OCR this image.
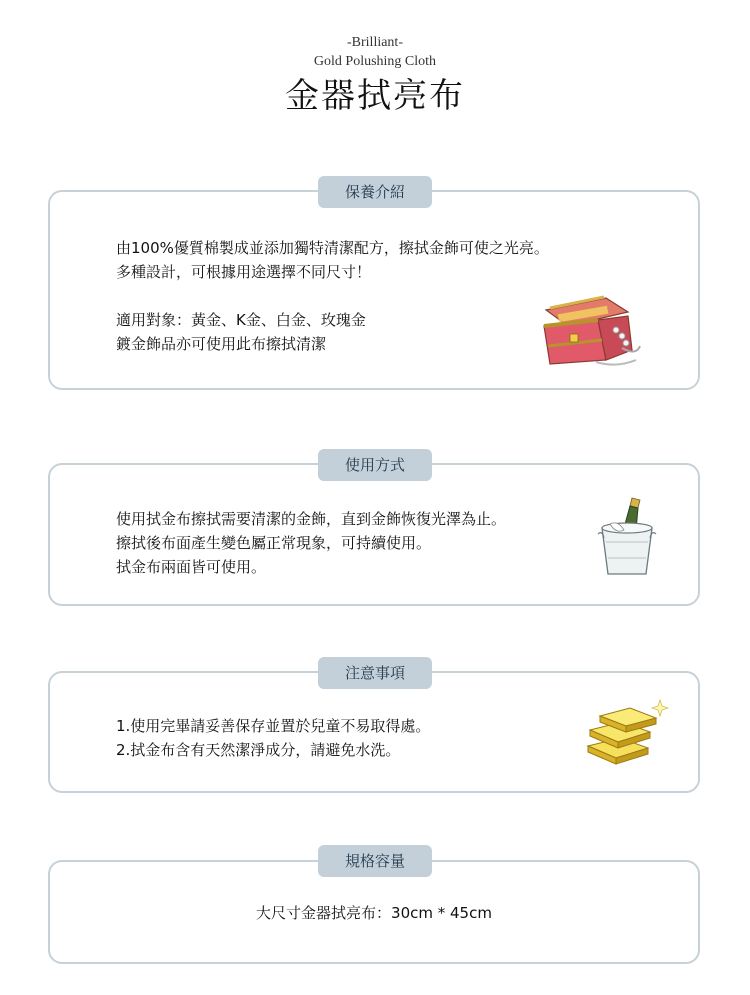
-Brilliant-
Gold Polushing Cloth
金器拭亮布
保養介紹
由100%優質棉製成並添加獨特清潔配方，擦拭金飾可使之光亮。
多種設計，可根據用途選擇不同尺寸！
適用對象：黃金、K金、白金、玫瑰金
鍍金飾品亦可使用此布擦拭清潔
使用方式
使用拭金布擦拭需要清潔的金飾，直到金飾恢復光澤為止。
擦拭後布面產生變色屬正常現象，可持續使用。
拭金布兩面皆可使用。
注意事項
1.使用完畢請妥善保存並置於兒童不易取得處。
2.拭金布含有天然潔淨成分，請避免水洗。
規格容量
大尺寸金器拭亮布：30cm * 45cm
